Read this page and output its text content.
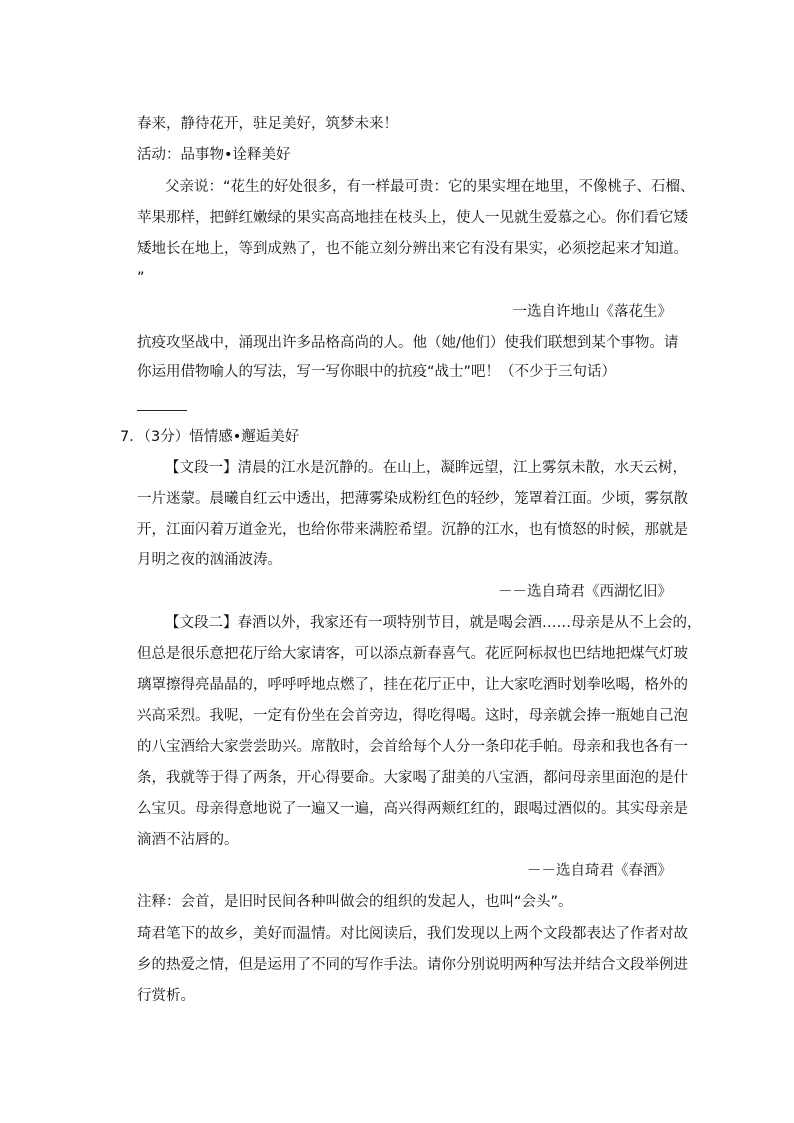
春来，静待花开，驻足美好，筑梦未来！
活动：品事物•诠释美好
父亲说：“花生的好处很多，有一样最可贵：它的果实埋在地里，不像桃子、石榴、
苹果那样，把鲜红嫩绿的果实高高地挂在枝头上，使人一见就生爱慕之心。你们看它矮
矮地长在地上，等到成熟了，也不能立刻分辨出来它有没有果实，必须挖起来才知道。
”
一选自许地山《落花生》
抗疫攻坚战中，涌现出许多品格高尚的人。他（她/他们）使我们联想到某个事物。请
你运用借物喻人的写法，写一写你眼中的抗疫“战士”吧！（不少于三句话）
7．（3分）悟情感•邂逅美好
【文段一】清晨的江水是沉静的。在山上，凝眸远望，江上雾氛未散，水天云树，
一片迷蒙。晨曦自红云中透出，把薄雾染成粉红色的轻纱，笼罩着江面。少顷，雾氛散
开，江面闪着万道金光，也给你带来满腔希望。沉静的江水，也有愤怒的时候，那就是
月明之夜的汹涌波涛。
－－选自琦君《西湖忆旧》
【文段二】春酒以外，我家还有一项特别节目，就是喝会酒……母亲是从不上会的，
但总是很乐意把花厅给大家请客，可以添点新春喜气。花匠阿标叔也巴结地把煤气灯玻
璃罩擦得亮晶晶的，呼呼呼地点燃了，挂在花厅正中，让大家吃酒时划拳吆喝，格外的
兴高采烈。我呢，一定有份坐在会首旁边，得吃得喝。这时，母亲就会捧一瓶她自己泡
的八宝酒给大家尝尝助兴。席散时，会首给每个人分一条印花手帕。母亲和我也各有一
条，我就等于得了两条，开心得要命。大家喝了甜美的八宝酒，都问母亲里面泡的是什
么宝贝。母亲得意地说了一遍又一遍，高兴得两颊红红的，跟喝过酒似的。其实母亲是
滴酒不沾唇的。
－－选自琦君《春酒》
注释：会首，是旧时民间各种叫做会的组织的发起人，也叫“会头”。
琦君笔下的故乡，美好而温情。对比阅读后，我们发现以上两个文段都表达了作者对故
乡的热爱之情，但是运用了不同的写作手法。请你分别说明两种写法并结合文段举例进
行赏析。
